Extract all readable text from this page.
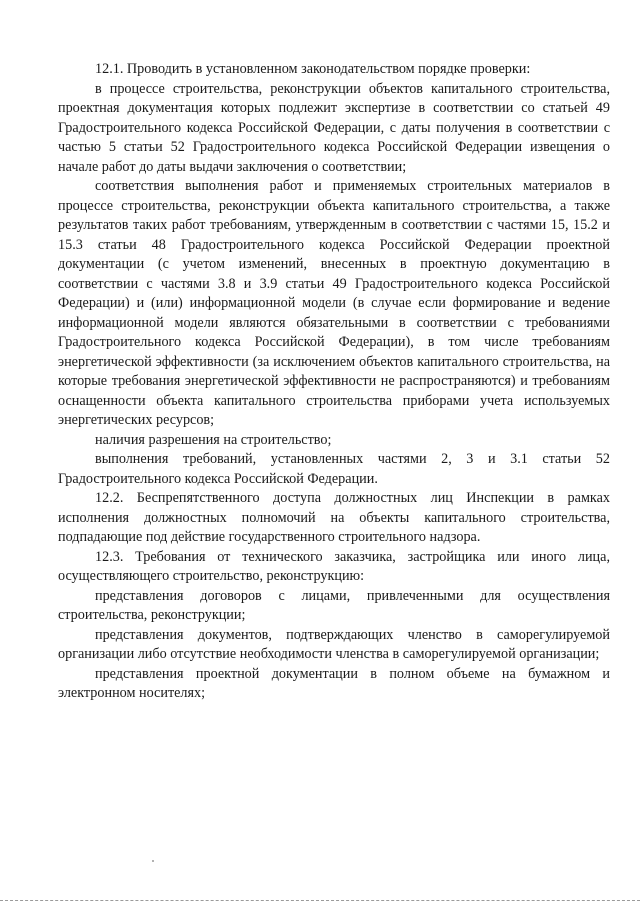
12.1. Проводить в установленном законодательством порядке проверки:

в процессе строительства, реконструкции объектов капитального строительства, проектная документация которых подлежит экспертизе в соответствии со статьей 49 Градостроительного кодекса Российской Федерации, с даты получения в соответствии с частью 5 статьи 52 Градостроительного кодекса Российской Федерации извещения о начале работ до даты выдачи заключения о соответствии;

соответствия выполнения работ и применяемых строительных материалов в процессе строительства, реконструкции объекта капитального строительства, а также результатов таких работ требованиям, утвержденным в соответствии с частями 15, 15.2 и 15.3 статьи 48 Градостроительного кодекса Российской Федерации проектной документации (с учетом изменений, внесенных в проектную документацию в соответствии с частями 3.8 и 3.9 статьи 49 Градостроительного кодекса Российской Федерации) и (или) информационной модели (в случае если формирование и ведение информационной модели являются обязательными в соответствии с требованиями Градостроительного кодекса Российской Федерации), в том числе требованиям энергетической эффективности (за исключением объектов капитального строительства, на которые требования энергетической эффективности не распространяются) и требованиям оснащенности объекта капитального строительства приборами учета используемых энергетических ресурсов;

наличия разрешения на строительство;

выполнения требований, установленных частями 2, 3 и 3.1 статьи 52 Градостроительного кодекса Российской Федерации.

12.2. Беспрепятственного доступа должностных лиц Инспекции в рамках исполнения должностных полномочий на объекты капитального строительства, подпадающие под действие государственного строительного надзора.

12.3. Требования от технического заказчика, застройщика или иного лица, осуществляющего строительство, реконструкцию:

представления договоров с лицами, привлеченными для осуществления строительства, реконструкции;

представления документов, подтверждающих членство в саморегулируемой организации либо отсутствие необходимости членства в саморегулируемой организации;

представления проектной документации в полном объеме на бумажном и электронном носителях;
